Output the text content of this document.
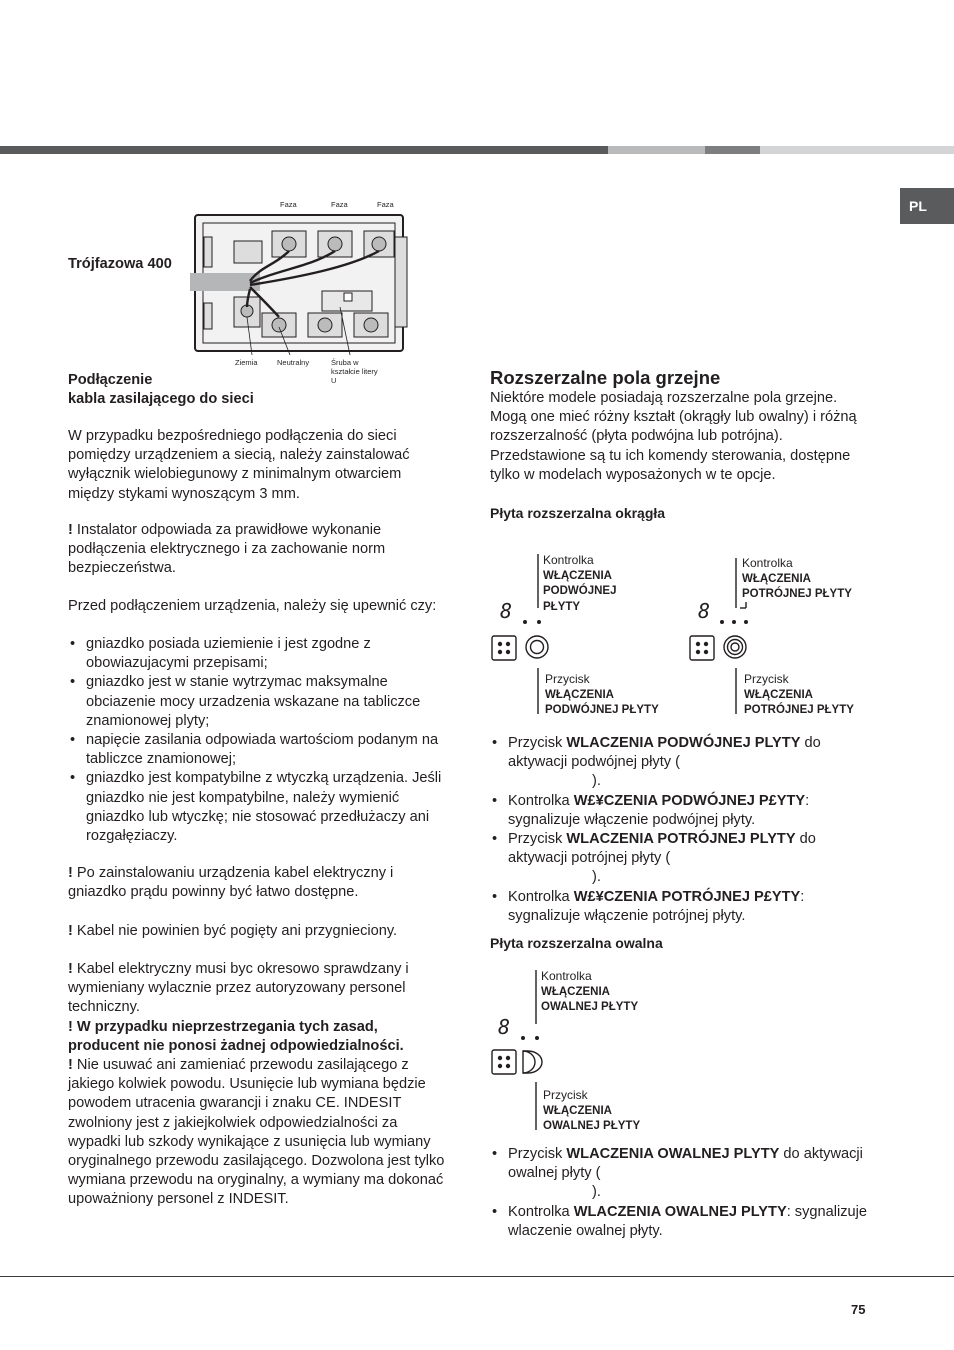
PL
Trójfazowa 400
Faza	Faza	Faza
Ziemia	Neutralny	Śruba w kształcie litery U
Podłączenie
kabla zasilającego do sieci

W przypadku bezpośredniego podłączenia do sieci pomiędzy urządzeniem a siecią, należy zainstalować wyłącznik wielobiegunowy z minimalnym otwarciem między stykami wynoszącym 3 mm.

! Instalator odpowiada za prawidłowe wykonanie podłączenia elektrycznego i za zachowanie norm bezpieczeństwa.

Przed podłączeniem urządzenia, należy się upewnić czy:

• gniazdko posiada uziemienie i jest zgodne z obowiazujacymi przepisami;
• gniazdko jest w stanie wytrzymac maksymalne obciazenie mocy urzadzenia wskazane na tabliczce znamionowej plyty;
• napięcie zasilania odpowiada wartościom podanym na tabliczce znamionowej;
• gniazdko jest kompatybilne z wtyczką urządzenia. Jeśli gniazdko nie jest kompatybilne, należy wymienić gniazdko lub wtyczkę; nie stosować przedłużaczy ani rozgałęziaczy.

! Po zainstalowaniu urządzenia kabel elektryczny i gniazdko prądu powinny być łatwo dostępne.

! Kabel nie powinien być pogięty ani przygnieciony.

! Kabel elektryczny musi byc okresowo sprawdzany i wymieniany wylacznie przez autoryzowany personel techniczny.

! W przypadku nieprzestrzegania tych zasad, producent nie ponosi żadnej odpowiedzialności.

! Nie usuwać ani zamieniać przewodu zasilającego z jakiego kolwiek powodu. Usunięcie lub wymiana będzie powodem utracenia gwarancji i znaku CE. INDESIT zwolniony jest z jakiejkolwiek odpowiedzialności za wypadki lub szkody wynikające z usunięcia lub wymiany oryginalnego przewodu zasilającego. Dozwolona jest tylko wymiana przewodu na oryginalny, a wymiany ma dokonać upoważniony personel z INDESIT.

Rozszerzalne pola grzejne

Niektóre modele posiadają rozszerzalne pola grzejne. Mogą one mieć różny kształt (okrągły lub owalny) i różną rozszerzalność (płyta podwójna lub potrójna). Przedstawione są tu ich komendy sterowania, dostępne tylko w modelach wyposażonych w te opcje.

Płyta rozszerzalna okrągła
8	8
Kontrolka
WŁĄCZENIA
PODWÓJNEJ
PŁYTY
Kontrolka
WŁĄCZENIA
POTRÓJNEJ PŁYTY
Przycisk
WŁĄCZENIA
PODWÓJNEJ PŁYTY
Przycisk
WŁĄCZENIA
POTRÓJNEJ PŁYTY
• Przycisk WLACZENIA PODWÓJNEJ PLYTY do aktywacji podwójnej płyty (
).
• Kontrolka W£¥CZENIA PODWÓJNEJ P£YTY: sygnalizuje włączenie podwójnej płyty.
• Przycisk WLACZENIA POTRÓJNEJ PLYTY do aktywacji potrójnej płyty (
).
• Kontrolka W£¥CZENIA POTRÓJNEJ P£YTY: sygnalizuje włączenie potrójnej płyty.
Płyta rozszerzalna owalna
8
Kontrolka
WŁĄCZENIA
OWALNEJ PŁYTY
Przycisk
WŁĄCZENIA
OWALNEJ PŁYTY
• Przycisk WLACZENIA OWALNEJ PLYTY do aktywacji owalnej płyty (
).
• Kontrolka WLACZENIA OWALNEJ PLYTY: sygnalizuje wlaczenie owalnej płyty.
75
